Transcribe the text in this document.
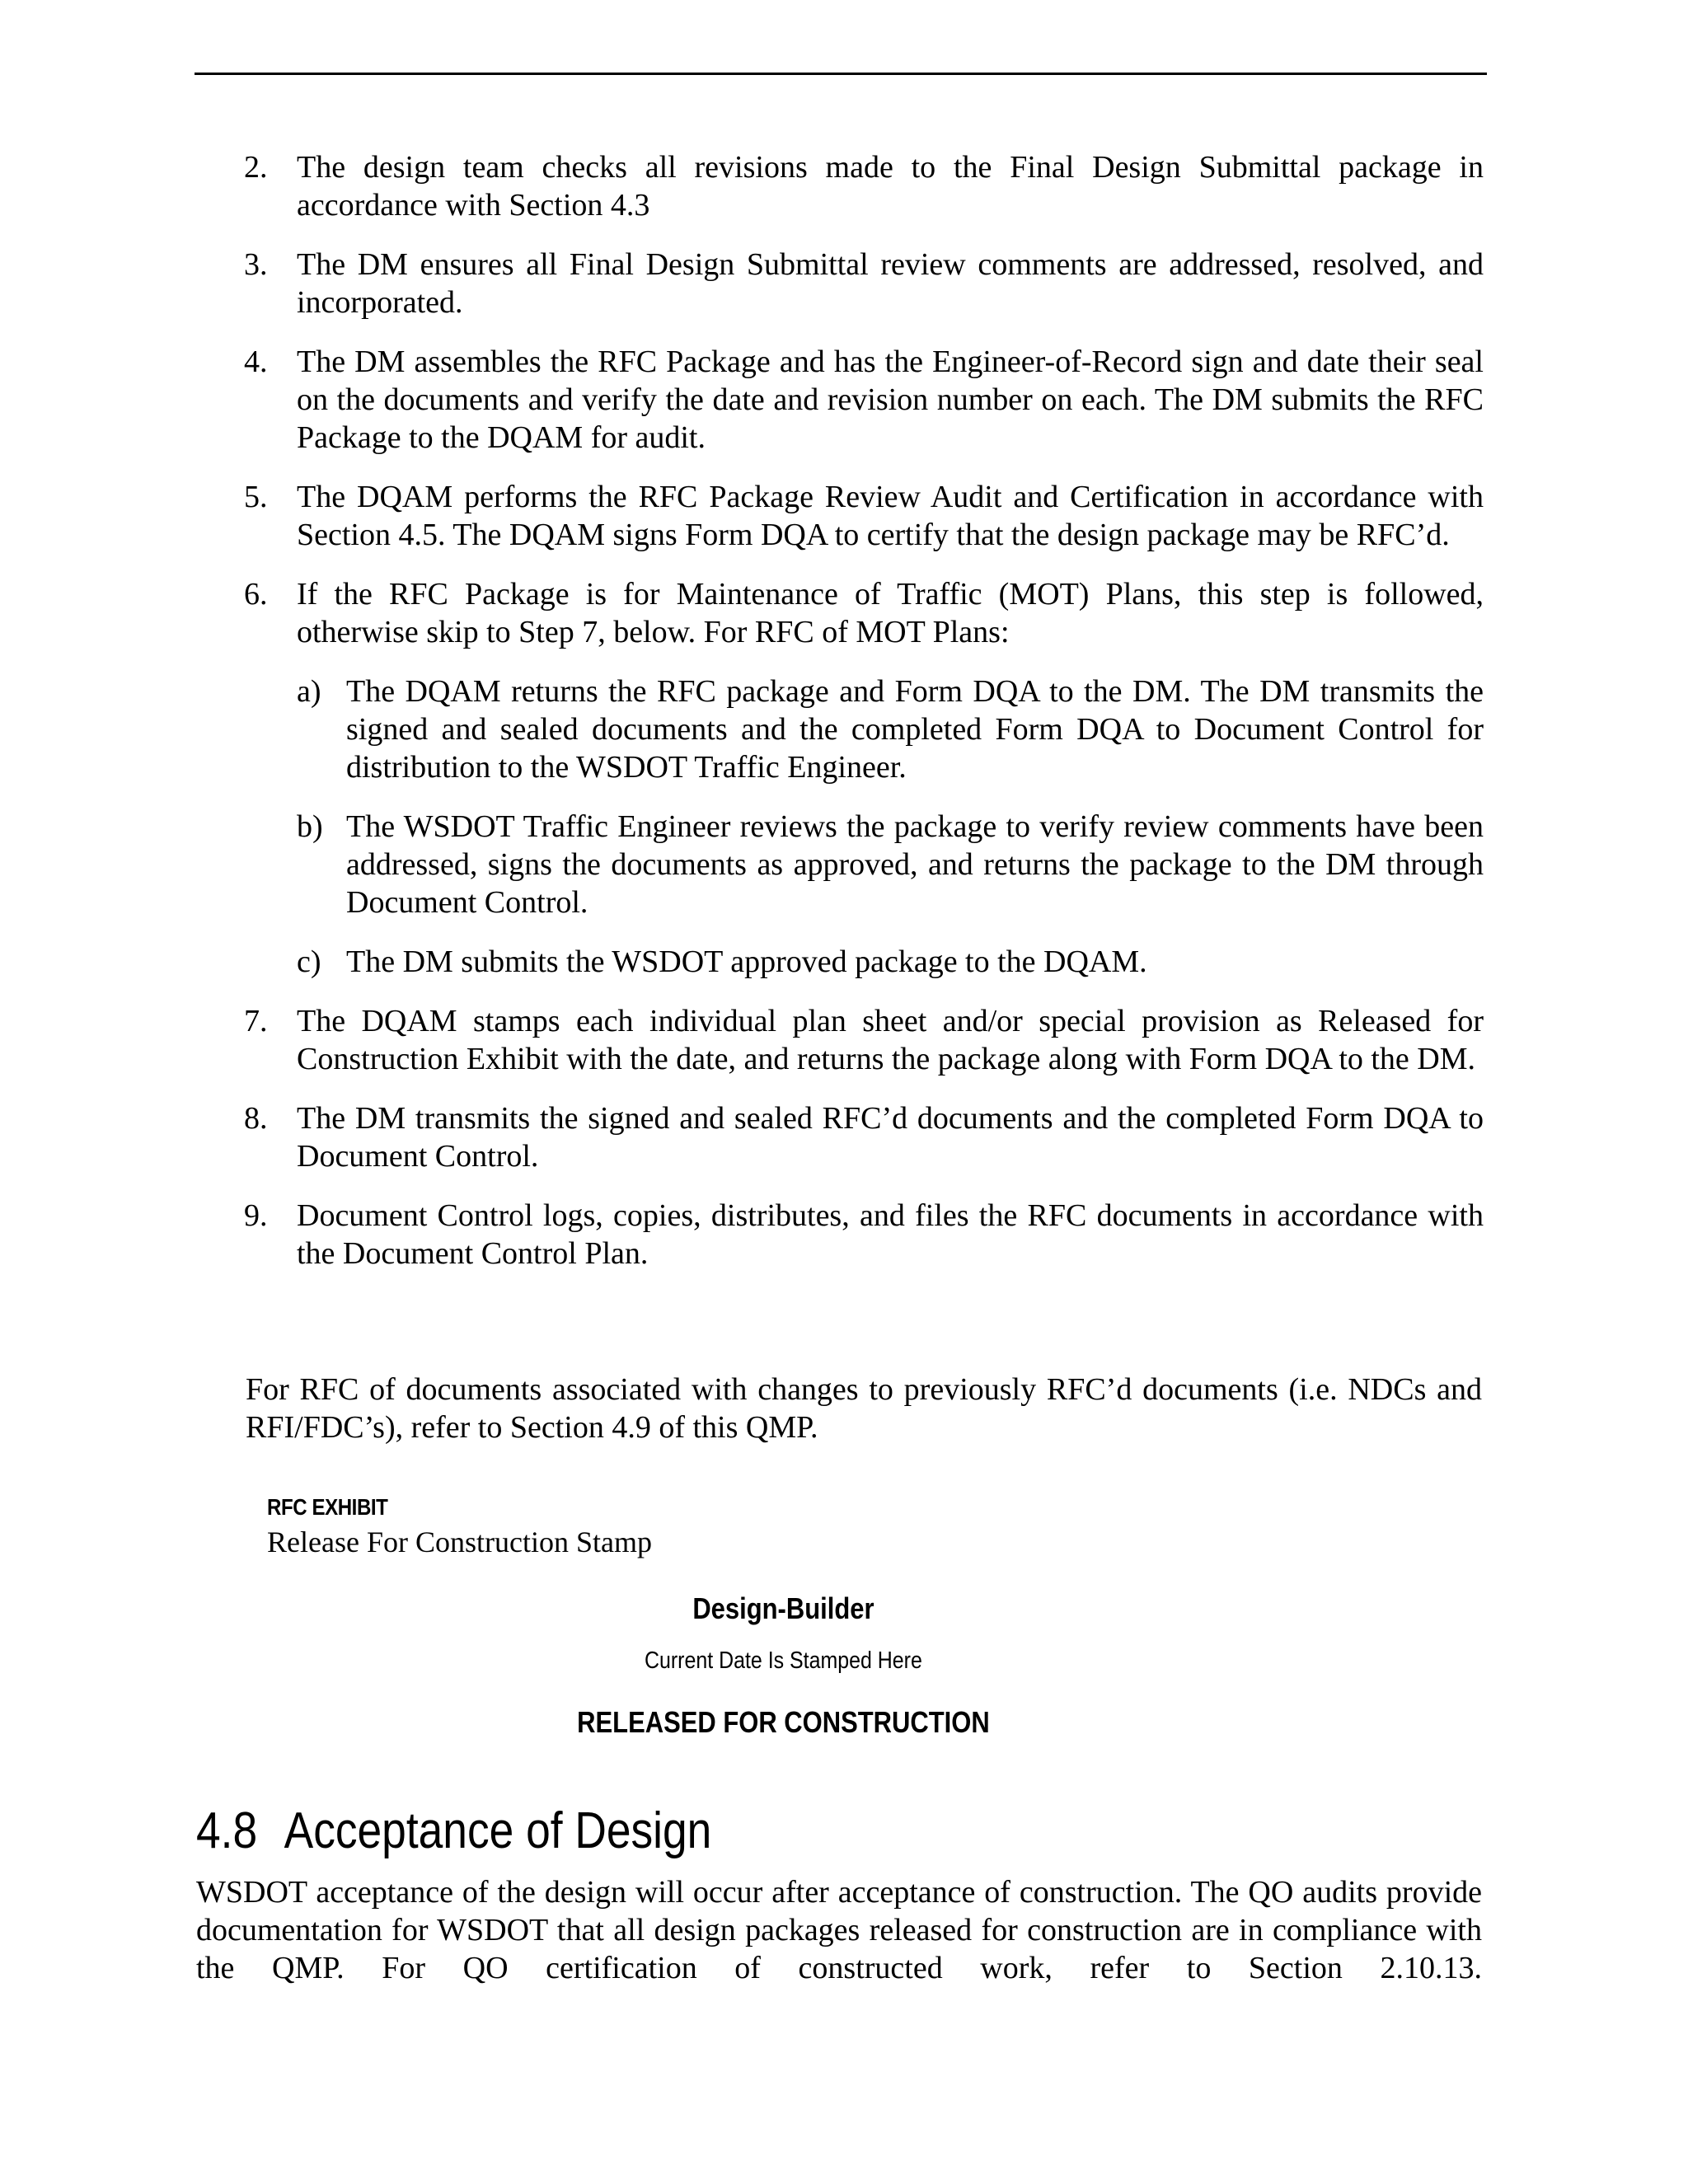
2. The design team checks all revisions made to the Final Design Submittal package in accordance with Section 4.3
3. The DM ensures all Final Design Submittal review comments are addressed, resolved, and incorporated.
4. The DM assembles the RFC Package and has the Engineer-of-Record sign and date their seal on the documents and verify the date and revision number on each. The DM submits the RFC Package to the DQAM for audit.
5. The DQAM performs the RFC Package Review Audit and Certification in accordance with Section 4.5. The DQAM signs Form DQA to certify that the design package may be RFC’d.
6. If the RFC Package is for Maintenance of Traffic (MOT) Plans, this step is followed, otherwise skip to Step 7, below. For RFC of MOT Plans:
a) The DQAM returns the RFC package and Form DQA to the DM. The DM transmits the signed and sealed documents and the completed Form DQA to Document Control for distribution to the WSDOT Traffic Engineer.
b) The WSDOT Traffic Engineer reviews the package to verify review comments have been addressed, signs the documents as approved, and returns the package to the DM through Document Control.
c) The DM submits the WSDOT approved package to the DQAM.
7. The DQAM stamps each individual plan sheet and/or special provision as Released for Construction Exhibit with the date, and returns the package along with Form DQA to the DM.
8. The DM transmits the signed and sealed RFC’d documents and the completed Form DQA to Document Control.
9. Document Control logs, copies, distributes, and files the RFC documents in accordance with the Document Control Plan.

For RFC of documents associated with changes to previously RFC’d documents (i.e. NDCs and RFI/FDC’s), refer to Section 4.9 of this QMP.

RFC EXHIBIT
Release For Construction Stamp
Design-Builder
Current Date Is Stamped Here
RELEASED FOR CONSTRUCTION
4.8 Acceptance of Design

WSDOT acceptance of the design will occur after acceptance of construction. The QO audits provide documentation for WSDOT that all design packages released for construction are in compliance with the QMP. For QO certification of constructed work, refer to Section 2.10.13.
